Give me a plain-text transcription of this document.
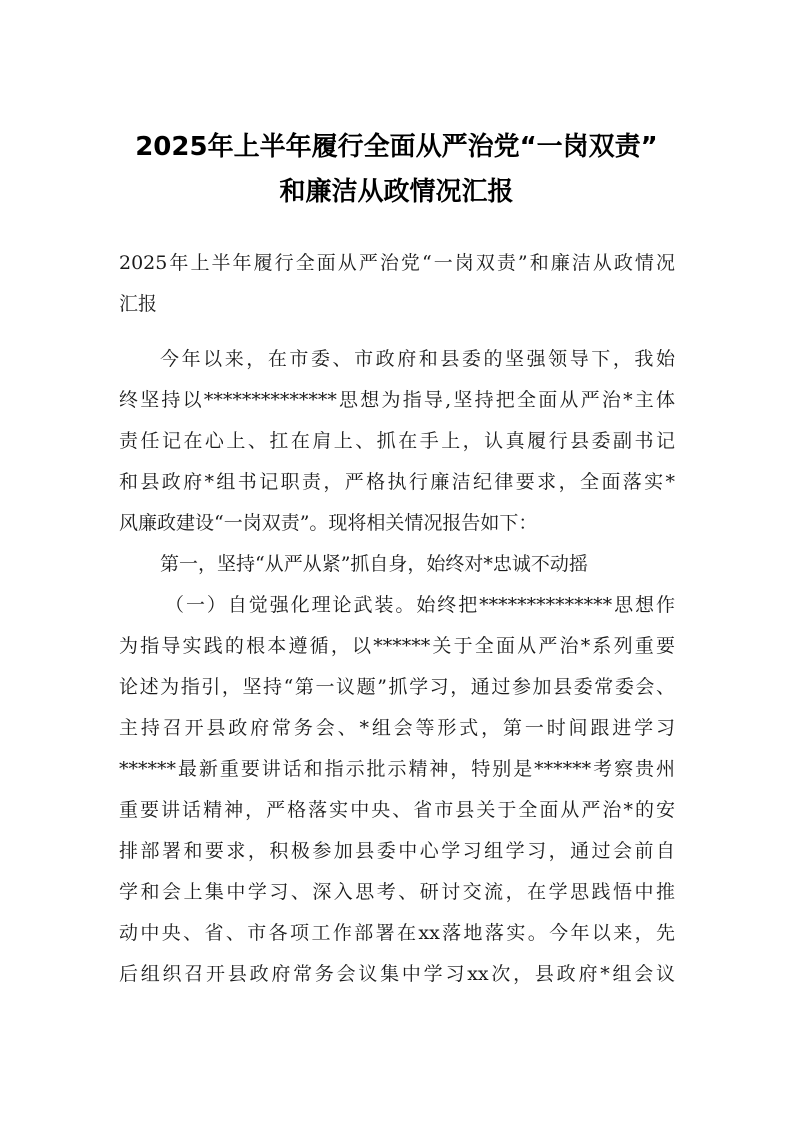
2025年上半年履行全面从严治党“一岗双责”
和廉洁从政情况汇报
2025年上半年履行全面从严治党“一岗双责”和廉洁从政情况
汇报
今年以来，在市委、市政府和县委的坚强领导下，我始
终坚持以**************思想为指导,坚持把全面从严治*主体
责任记在心上、扛在肩上、抓在手上，认真履行县委副书记
和县政府*组书记职责，严格执行廉洁纪律要求，全面落实*
风廉政建设“一岗双责”。现将相关情况报告如下：
第一，坚持“从严从紧”抓自身，始终对*忠诚不动摇
（一）自觉强化理论武装。始终把**************思想作
为指导实践的根本遵循，以******关于全面从严治*系列重要
论述为指引，坚持“第一议题”抓学习，通过参加县委常委会、
主持召开县政府常务会、*组会等形式，第一时间跟进学习
******最新重要讲话和指示批示精神，特别是******考察贵州
重要讲话精神，严格落实中央、省市县关于全面从严治*的安
排部署和要求，积极参加县委中心学习组学习，通过会前自
学和会上集中学习、深入思考、研讨交流，在学思践悟中推
动中央、省、市各项工作部署在xx落地落实。今年以来，先
后组织召开县政府常务会议集中学习xx次，县政府*组会议
